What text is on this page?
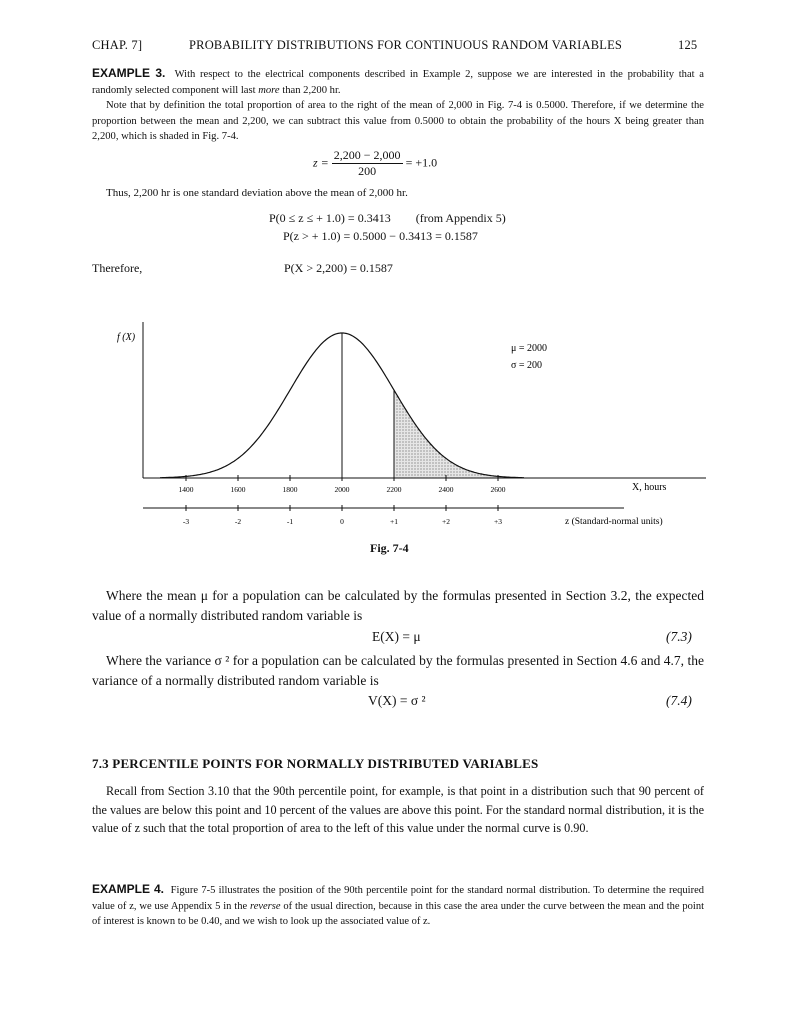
CHAP. 7]	PROBABILITY DISTRIBUTIONS FOR CONTINUOUS RANDOM VARIABLES	125
EXAMPLE 3. With respect to the electrical components described in Example 2, suppose we are interested in the probability that a randomly selected component will last more than 2,200 hr.
Note that by definition the total proportion of area to the right of the mean of 2,000 in Fig. 7-4 is 0.5000. Therefore, if we determine the proportion between the mean and 2,200, we can subtract this value from 0.5000 to obtain the probability of the hours X being greater than 2,200, which is shaded in Fig. 7-4.
$z = \frac{2,200 - 2,000}{200} = +1.0$
Thus, 2,200 hr is one standard deviation above the mean of 2,000 hr.
P(0 ≤ z ≤ + 1.0) = 0.3413 (from Appendix 5)
P(z > + 1.0) = 0.5000 − 0.3413 = 0.1587
Therefore,	P(X > 2,200) = 0.1587
f (X)
1400	1600	1800	2000	2200	2400	2600	X, hours
-3	-2	-1	0	+1	+2	+3	z (Standard-normal units)
μ = 2000
σ = 200
Fig. 7-4
Where the mean μ for a population can be calculated by the formulas presented in Section 3.2, the expected value of a normally distributed random variable is
E(X) = μ	(7.3)
Where the variance σ ² for a population can be calculated by the formulas presented in Section 4.6 and 4.7, the variance of a normally distributed random variable is
V(X) = σ ²	(7.4)
7.3 PERCENTILE POINTS FOR NORMALLY DISTRIBUTED VARIABLES
Recall from Section 3.10 that the 90th percentile point, for example, is that point in a distribution such that 90 percent of the values are below this point and 10 percent of the values are above this point. For the standard normal distribution, it is the value of z such that the total proportion of area to the left of this value under the normal curve is 0.90.
EXAMPLE 4. Figure 7-5 illustrates the position of the 90th percentile point for the standard normal distribution. To determine the required value of z, we use Appendix 5 in the reverse of the usual direction, because in this case the area under the curve between the mean and the point of interest is known to be 0.40, and we wish to look up the associated value of z.
